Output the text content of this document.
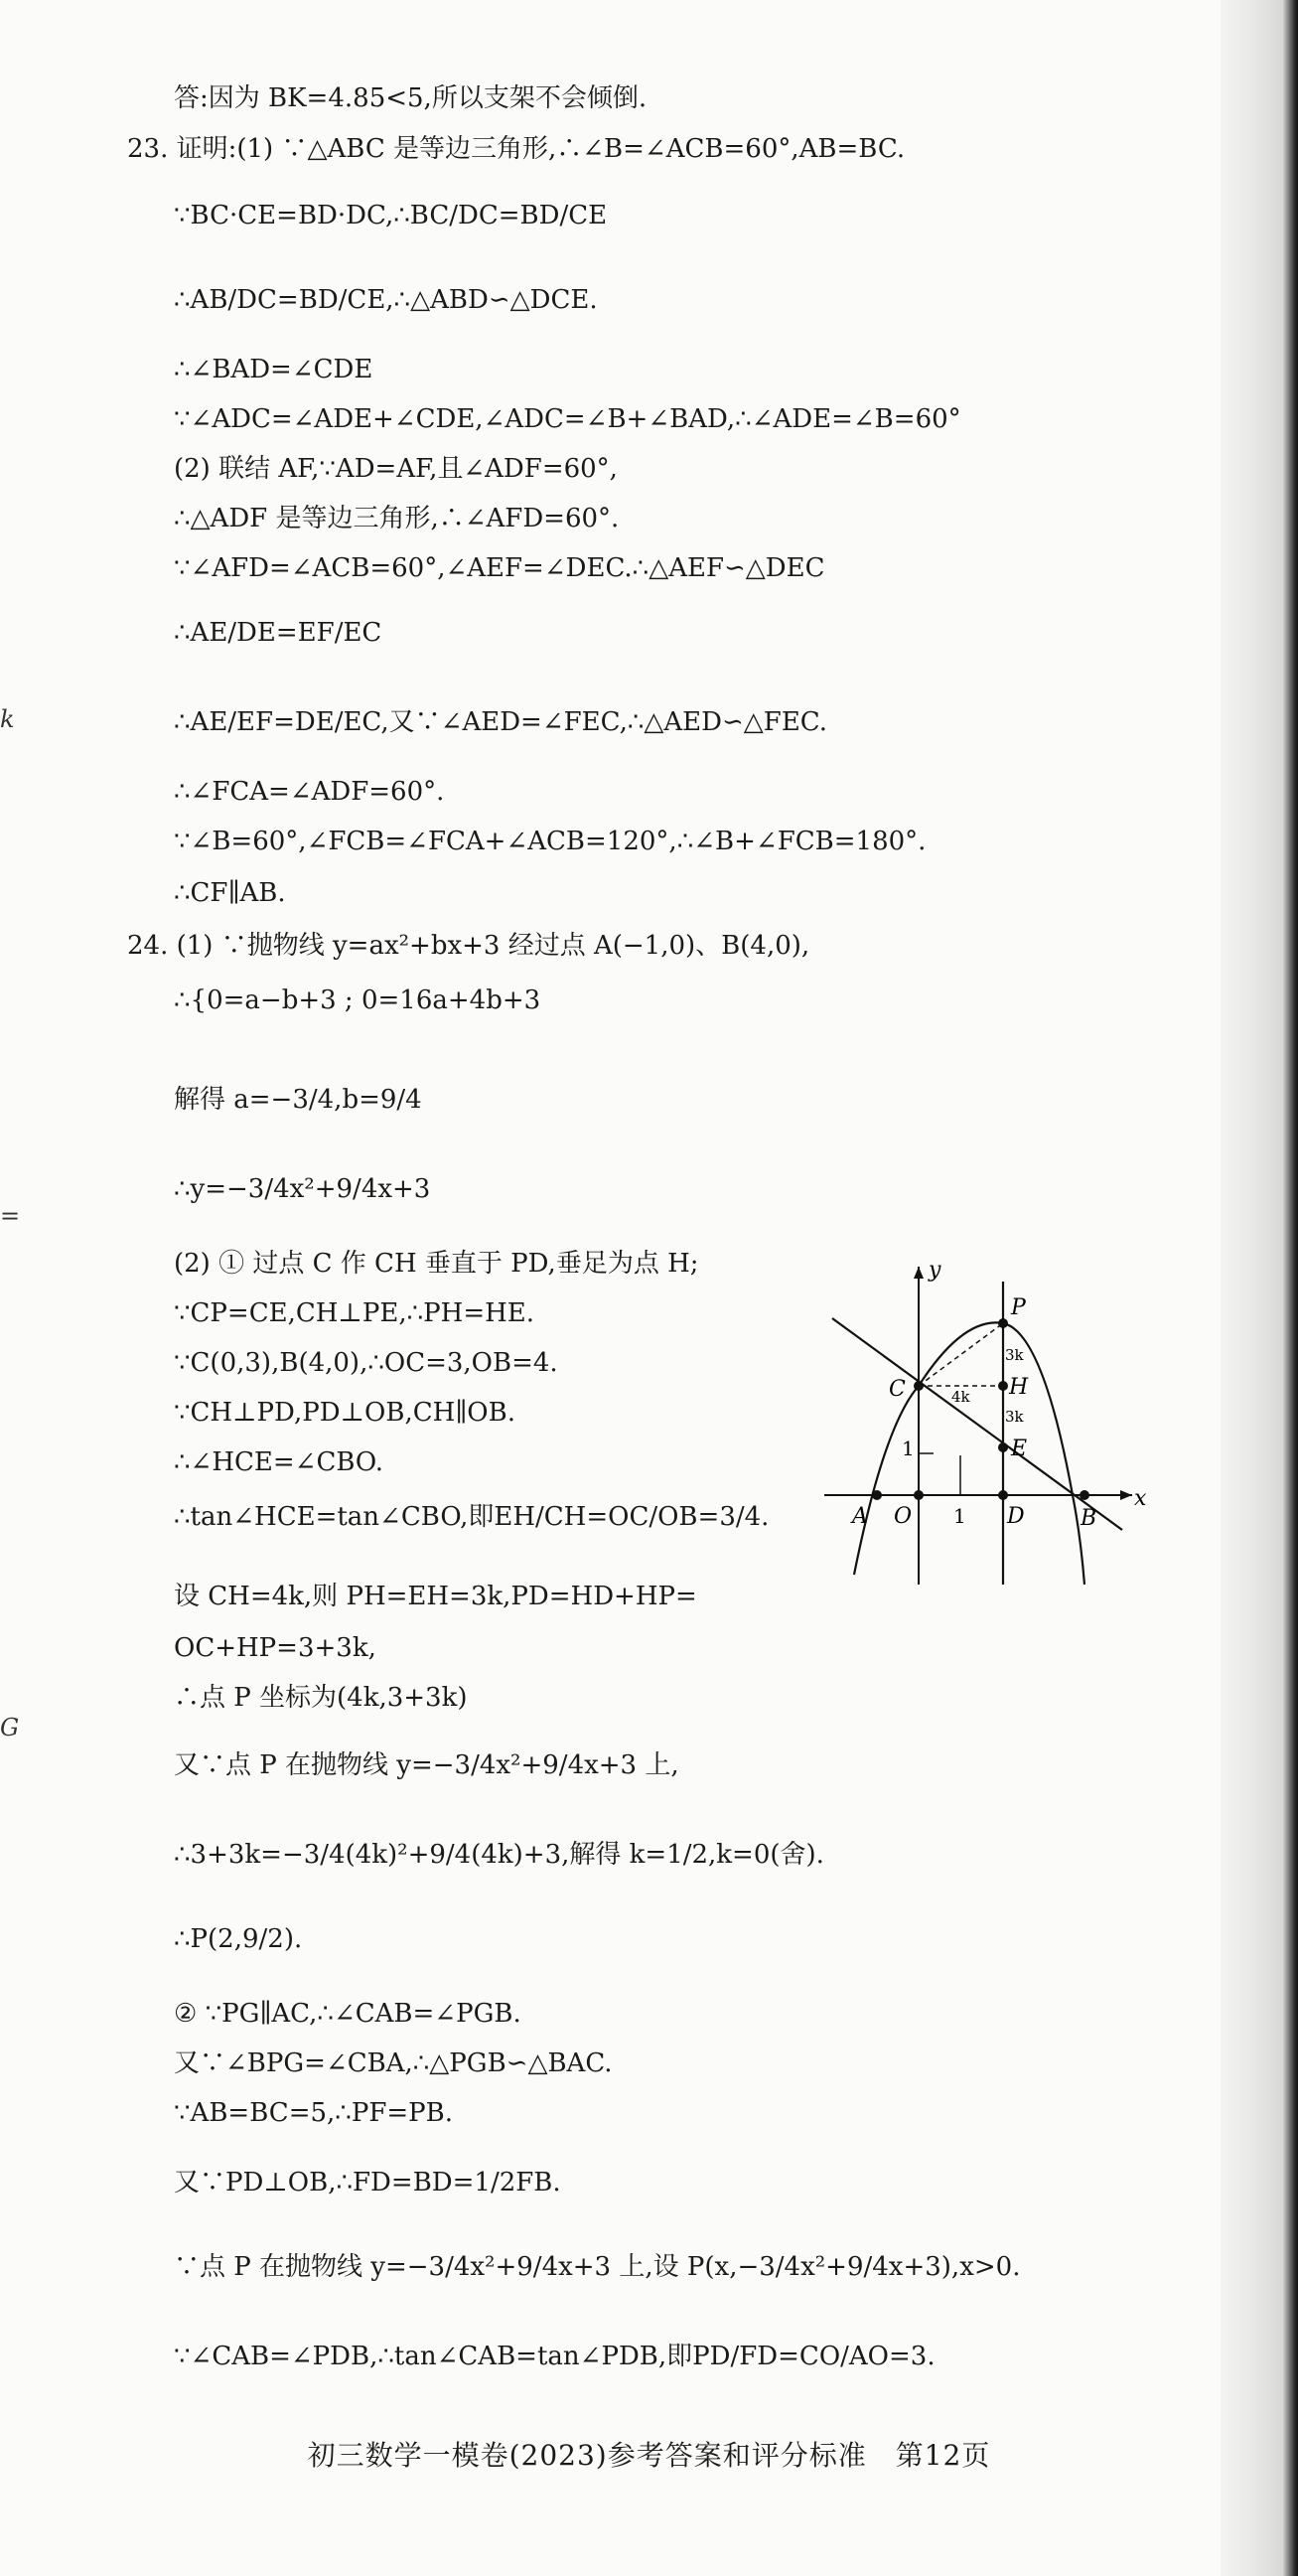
答:因为 BK=4.85<5,所以支架不会倾倒.
23. 证明:(1) ∵△ABC 是等边三角形,∴∠B=∠ACB=60°,AB=BC.
∵BC·CE=BD·DC,∴BC/DC=BD/CE
∴AB/DC=BD/CE,∴△ABD∽△DCE.
∴∠BAD=∠CDE
∵∠ADC=∠ADE+∠CDE,∠ADC=∠B+∠BAD,∴∠ADE=∠B=60°
(2) 联结 AF,∵AD=AF,且∠ADF=60°,
∴△ADF 是等边三角形,∴∠AFD=60°.
∵∠AFD=∠ACB=60°,∠AEF=∠DEC.∴△AEF∽△DEC
∴AE/DE=EF/EC
∴AE/EF=DE/EC,又∵∠AED=∠FEC,∴△AED∽△FEC.
∴∠FCA=∠ADF=60°.
∵∠B=60°,∠FCB=∠FCA+∠ACB=120°,∴∠B+∠FCB=180°.
∴CF∥AB.
24. (1) ∵抛物线 y=ax²+bx+3 经过点 A(−1,0)、B(4,0),
∴{0=a−b+3 ; 0=16a+4b+3
解得 a=−3/4,b=9/4
∴y=−3/4x²+9/4x+3
(2) ① 过点 C 作 CH 垂直于 PD,垂足为点 H;
∵CP=CE,CH⊥PE,∴PH=HE.
∵C(0,3),B(4,0),∴OC=3,OB=4.
∵CH⊥PD,PD⊥OB,CH∥OB.
∴∠HCE=∠CBO.
∴tan∠HCE=tan∠CBO,即EH/CH=OC/OB=3/4.
设 CH=4k,则 PH=EH=3k,PD=HD+HP=
OC+HP=3+3k,
∴点 P 坐标为(4k,3+3k)
又∵点 P 在抛物线 y=−3/4x²+9/4x+3 上,
∴3+3k=−3/4(4k)²+9/4(4k)+3,解得 k=1/2,k=0(舍).
∴P(2,9/2).
② ∵PG∥AC,∴∠CAB=∠PGB.
又∵∠BPG=∠CBA,∴△PGB∽△BAC.
∵AB=BC=5,∴PF=PB.
又∵PD⊥OB,∴FD=BD=1/2FB.
∵点 P 在抛物线 y=−3/4x²+9/4x+3 上,设 P(x,−3/4x²+9/4x+3),x>0.
∵∠CAB=∠PDB,∴tan∠CAB=tan∠PDB,即PD/FD=CO/AO=3.
k
=
G
y
x
P
C	H
E
A O	D	B
1
1
3k
3k
4k
初三数学一模卷(2023)参考答案和评分标准　第12页
